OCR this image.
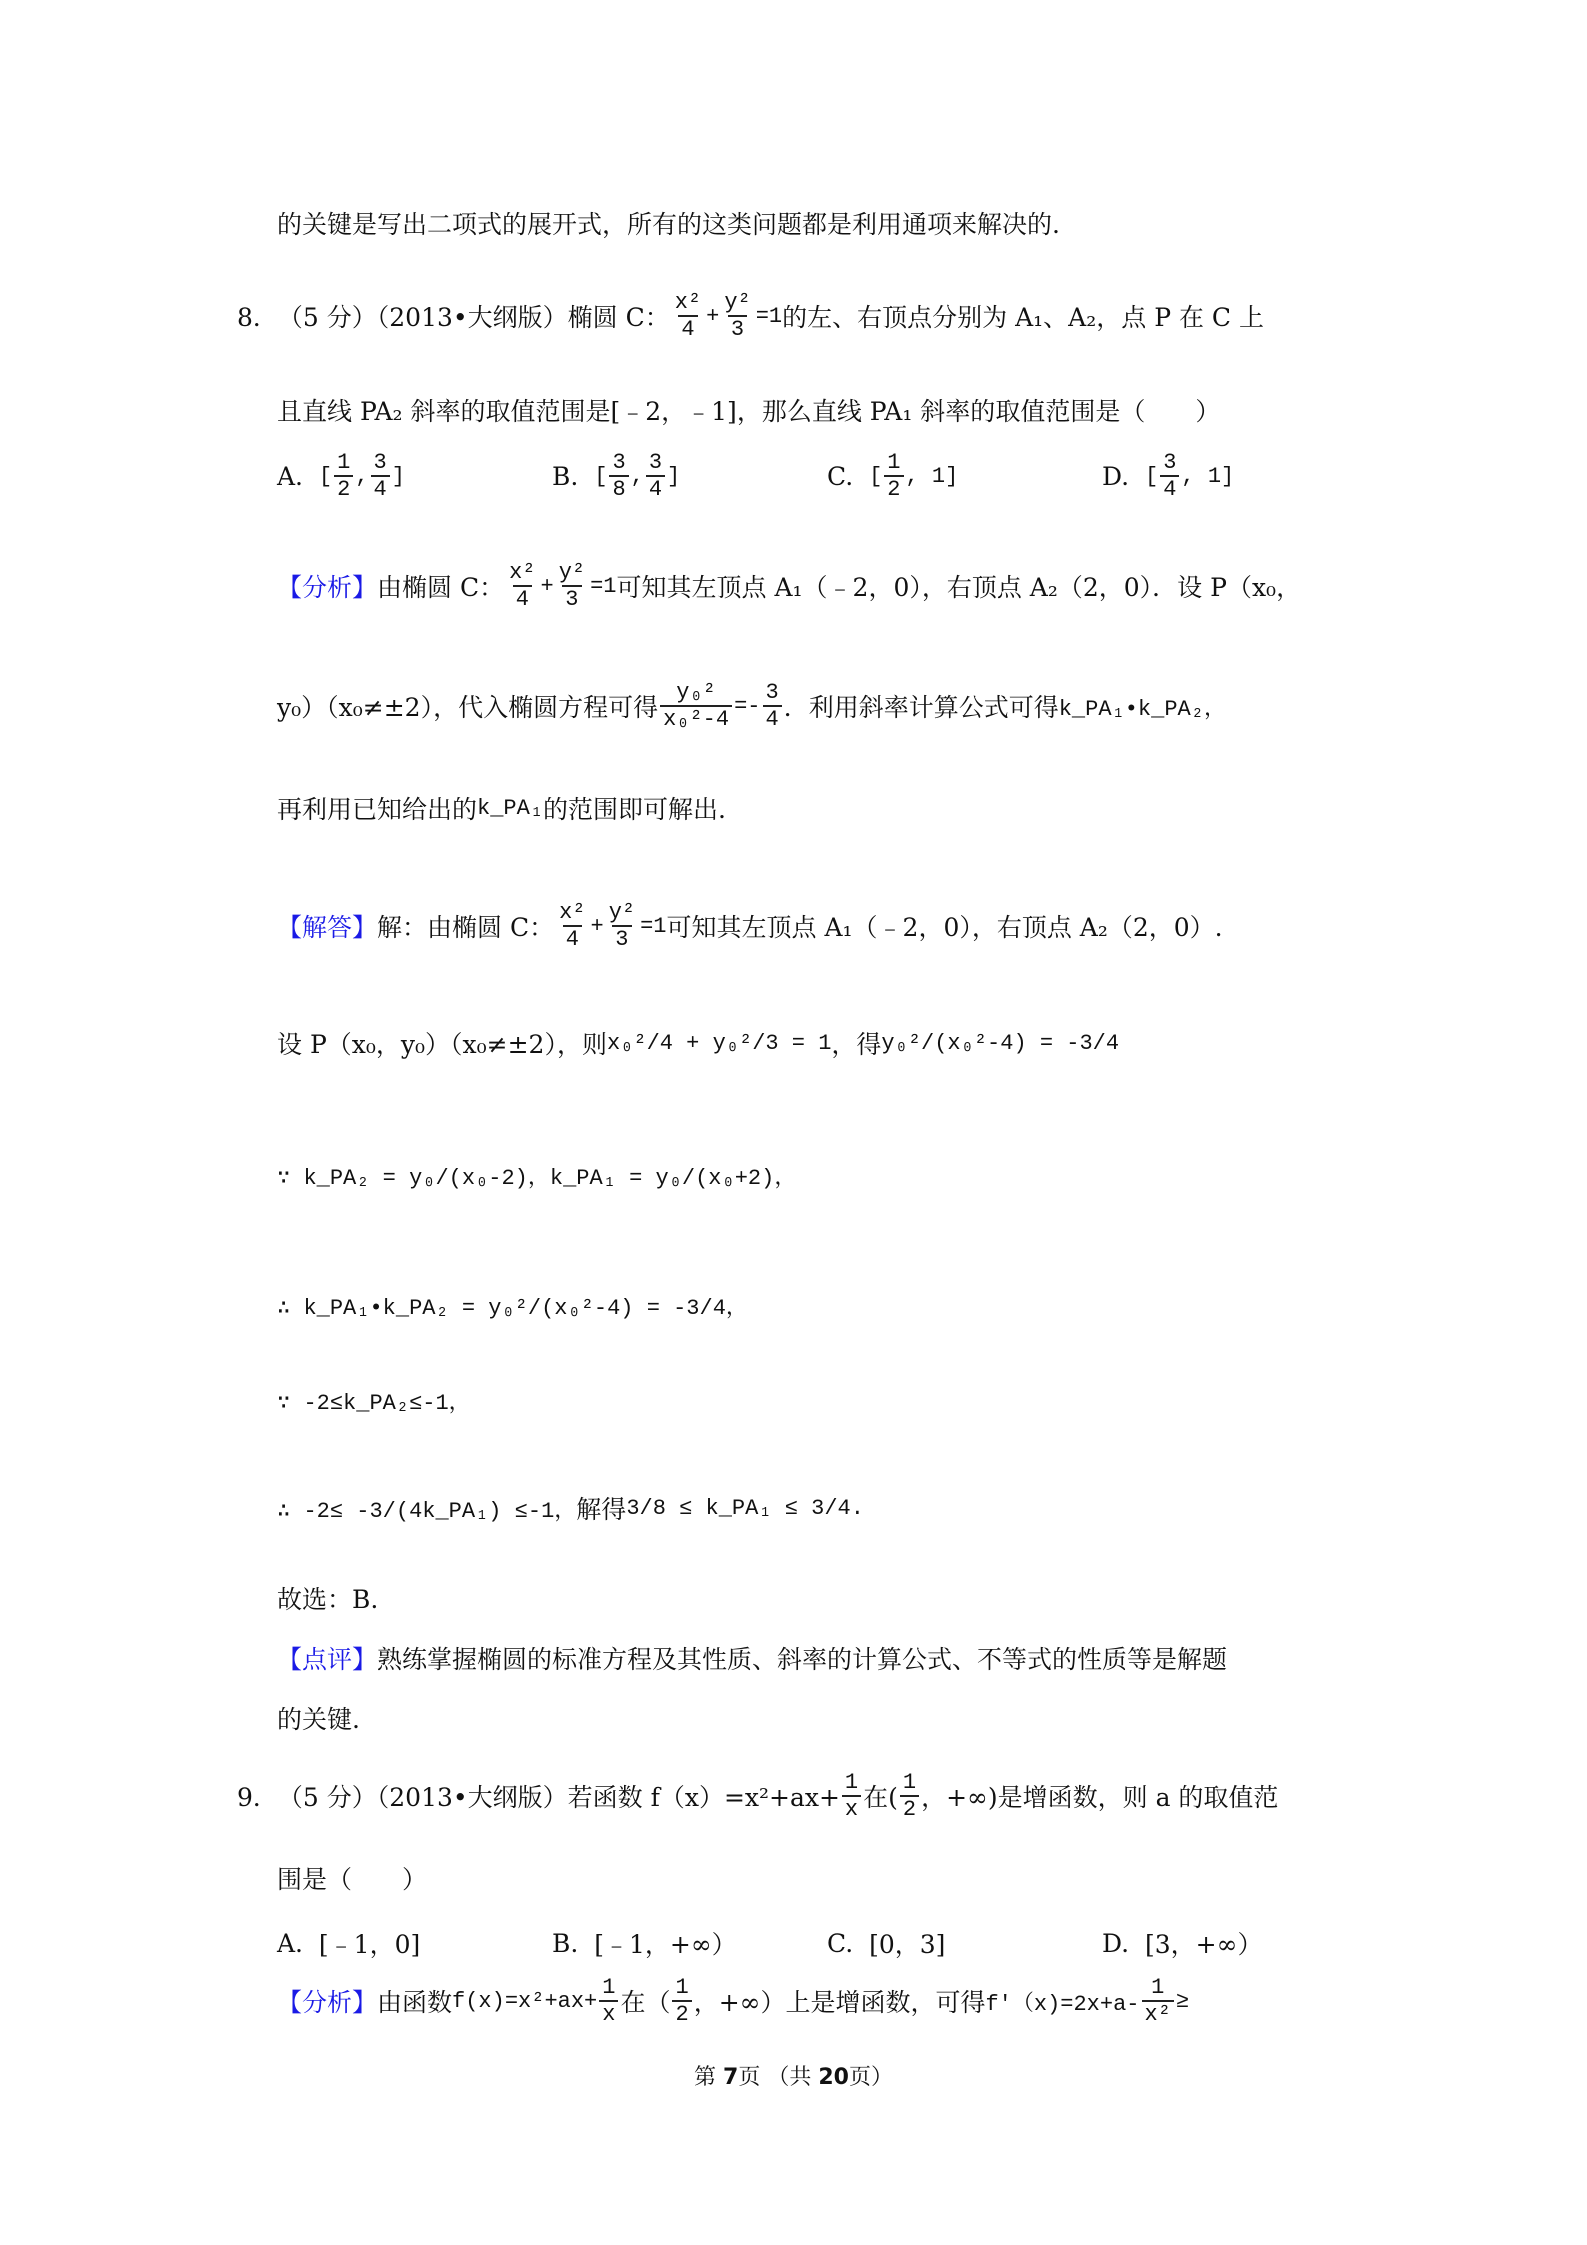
的关键是写出二项式的展开式，所有的这类问题都是利用通项来解决的.
8． （5 分）（2013•大纲版） 椭圆 C： $\frac{\text{x²}}{4} + \frac{\text{y²}}{3} =1$ 的左、右顶点分别为 A₁、A₂，点 P 在 C 上
且直线 PA₂ 斜率的取值范围是[﹣2，﹣1]，那么直线 PA₁ 斜率的取值范围是（　　）
A.
[ $\frac{1}{2}$ , $\frac{3}{4}$ ]	B.
[ $\frac{3}{8}$ , $\frac{3}{4}$ ]	C.
[ $\frac{1}{2}$ , 1 ]	D.
[ $\frac{3}{4}$ , 1 ]
【分析】 由椭圆 C： $\frac{\text{x²}}{4} + \frac{\text{y²}}{3} =1$ 可知其左顶点 A₁（﹣2，0），右顶点 A₂（2，0）．设 P（x₀，
y₀）（x₀≠±2），代入椭圆方程可得 $\frac{\text{y₀²}}{\text{x₀²-4}} =- \frac{3}{4}$ ．利用斜率计算公式可得 k_PA₁•k_PA₂，
再利用已知给出的 k_PA₁ 的范围即可解出.
【解答】 解：由椭圆 C： $\frac{\text{x²}}{4} + \frac{\text{y²}}{3} =1$ 可知其左顶点 A₁（﹣2，0），右顶点 A₂（2，0）.
设 P（x₀，y₀）（x₀≠±2），则 x₀²/4 + y₀²/3 = 1 ，得 y₀²/(x₀²-4) = -3/4
∵ k_PA₂ = y₀/(x₀-2)，k_PA₁ = y₀/(x₀+2)，
∴ k_PA₁•k_PA₂ = y₀²/(x₀²-4) = -3/4，
∵ -2≤k_PA₂≤-1，
∴ -2≤ -3/(4k_PA₁) ≤-1， 解得 3/8 ≤ k_PA₁ ≤ 3/4.
故选：B.
【点评】 熟练掌握椭圆的标准方程及其性质、斜率的计算公式、不等式的性质等是解题
的关键.
9． （5 分）（2013•大纲版） 若函数 $f(x)=x^2+ax+ \frac{1}{x}$ 在( $\frac{1}{2}$ ，+∞)是增函数，则 a 的取值范
围是（　　）
A.
[﹣1，0]	B.
[﹣1，+∞）	C.
[0，3]	D.
[3，+∞）
【分析】 由函数 $f(x)=x^2+ax+ \frac{1}{x}$ 在（ $\frac{1}{2}$ ，+∞）上是增函数，可得 $f'(x)=2x+a- \frac{1}{\text{x²}}$ ≥
第 7页 （共 20页）
